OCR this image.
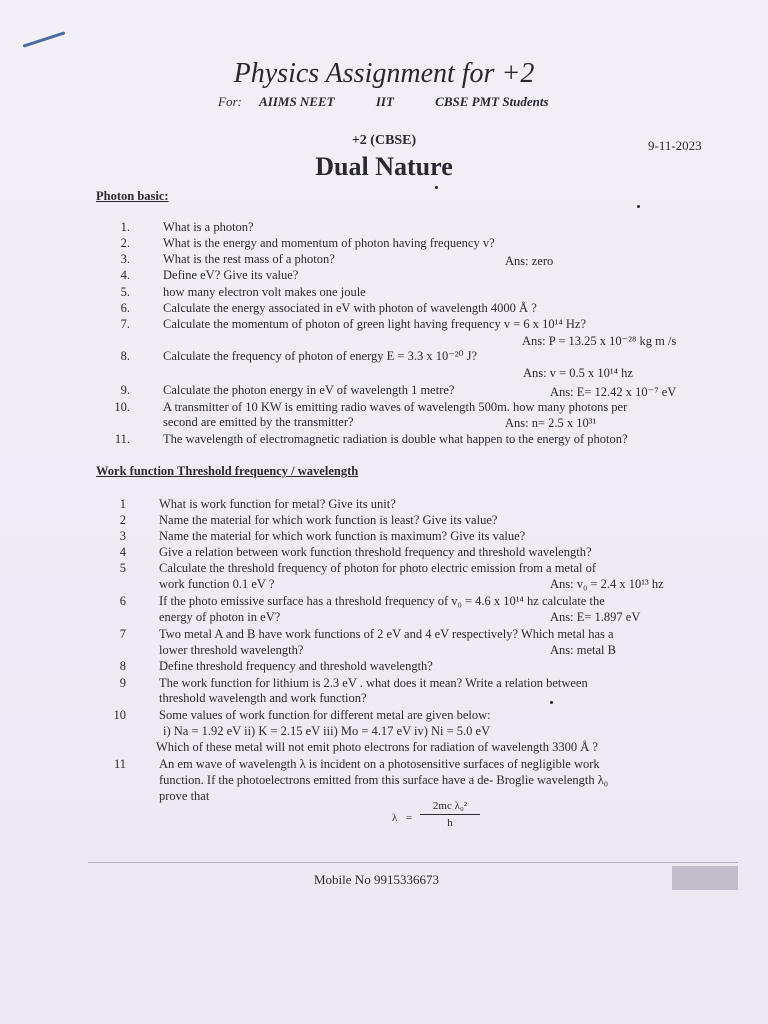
Physics Assignment for +2
For: AIIMS NEET	IIT	CBSE PMT Students
+2 (CBSE)	9-11-2023
Dual Nature
Photon basic:
1.	What is a photon?
2.	What is the energy and momentum of photon having frequency v?
3.	What is the rest mass of a photon?	Ans: zero
4.	Define eV? Give its value?
5.	how many electron volt makes one joule
6.	Calculate the energy associated in eV with photon of wavelength 4000 Å ?
7.	Calculate the momentum of photon of green light having frequency v = 6 x 10¹⁴ Hz?
Ans: P = 13.25 x 10⁻²⁸ kg m /s
8.	Calculate the frequency of photon of energy E = 3.3 x 10⁻²⁰ J?
Ans: v = 0.5 x 10¹⁴ hz
9.	Calculate the photon energy in eV of wavelength 1 metre?	Ans: E= 12.42 x 10⁻⁷ eV
10.	A transmitter of 10 KW is emitting radio waves of wavelength 500m. how many photons per
second are emitted by the transmitter?	Ans: n= 2.5 x 10³¹
11.	The wavelength of electromagnetic radiation is double what happen to the energy of photon?
Work function Threshold frequency / wavelength
1	What is work function for metal? Give its unit?
2	Name the material for which work function is least? Give its value?
3	Name the material for which work function is maximum? Give its value?
4	Give a relation between work function threshold frequency and threshold wavelength?
5	Calculate the threshold frequency of photon for photo electric emission from a metal of
work function 0.1 eV ?	Ans: v₀ = 2.4 x 10¹³ hz
6	If the photo emissive surface has a threshold frequency of v₀ = 4.6 x 10¹⁴ hz calculate the
energy of photon in eV?	Ans: E= 1.897 eV
7	Two metal A and B have work functions of 2 eV and 4 eV respectively? Which metal has a
lower threshold wavelength?	Ans: metal B
8	Define threshold frequency and threshold wavelength?
9	The work function for lithium is 2.3 eV . what does it mean? Write a relation between
threshold wavelength and work function?
10	Some values of work function for different metal are given below:
i) Na = 1.92 eV ii) K = 2.15 eV iii) Mo = 4.17 eV iv) Ni = 5.0 eV
Which of these metal will not emit photo electrons for radiation of wavelength 3300 Å ?
11	An em wave of wavelength λ is incident on a photosensitive surfaces of negligible work
function. If the photoelectrons emitted from this surface have a de- Broglie wavelength λ₀
prove that
$\lambda = \frac{\text{2mc λ₀²}}{h}$
Mobile No 9915336673
